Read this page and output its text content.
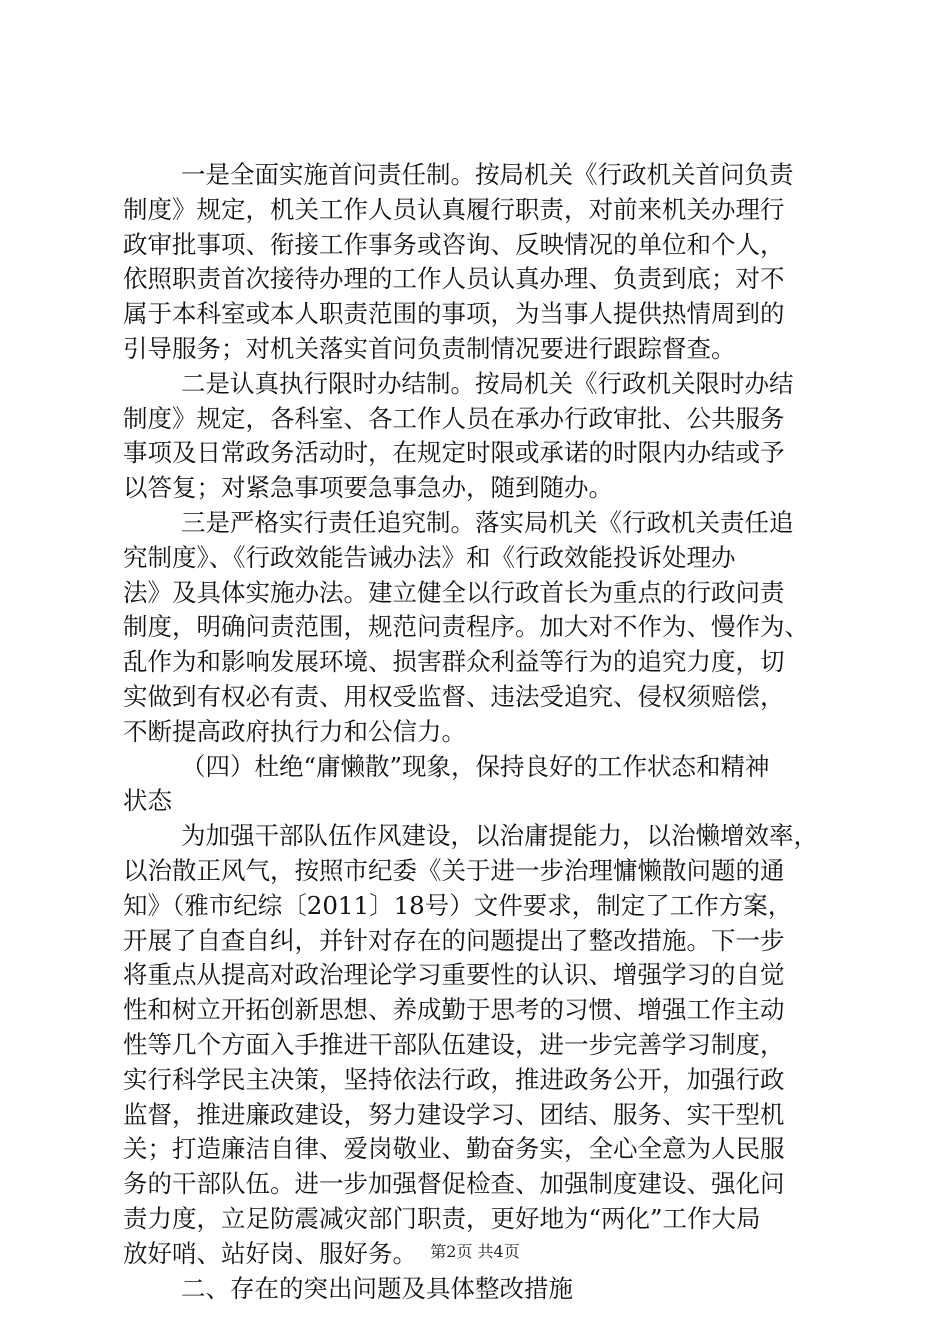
一是全面实施首问责任制。按局机关《行政机关首问负责
制度》规定，机关工作人员认真履行职责，对前来机关办理行
政审批事项、衔接工作事务或咨询、反映情况的单位和个人，
依照职责首次接待办理的工作人员认真办理、负责到底；对不
属于本科室或本人职责范围的事项，为当事人提供热情周到的
引导服务；对机关落实首问负责制情况要进行跟踪督查。
二是认真执行限时办结制。按局机关《行政机关限时办结
制度》规定，各科室、各工作人员在承办行政审批、公共服务
事项及日常政务活动时，在规定时限或承诺的时限内办结或予
以答复；对紧急事项要急事急办，随到随办。
三是严格实行责任追究制。落实局机关《行政机关责任追
究制度》、《行政效能告诫办法》和《行政效能投诉处理办
法》及具体实施办法。建立健全以行政首长为重点的行政问责
制度，明确问责范围，规范问责程序。加大对不作为、慢作为、
乱作为和影响发展环境、损害群众利益等行为的追究力度，切
实做到有权必有责、用权受监督、违法受追究、侵权须赔偿，
不断提高政府执行力和公信力。
（四）杜绝“庸懒散”现象，保持良好的工作状态和精神
状态
为加强干部队伍作风建设，以治庸提能力，以治懒增效率，
以治散正风气，按照市纪委《关于进一步治理慵懒散问题的通
知》（雅市纪综〔2011〕18号）文件要求，制定了工作方案，
开展了自查自纠，并针对存在的问题提出了整改措施。下一步
将重点从提高对政治理论学习重要性的认识、增强学习的自觉
性和树立开拓创新思想、养成勤于思考的习惯、增强工作主动
性等几个方面入手推进干部队伍建设，进一步完善学习制度，
实行科学民主决策，坚持依法行政，推进政务公开，加强行政
监督，推进廉政建设，努力建设学习、团结、服务、实干型机
关；打造廉洁自律、爱岗敬业、勤奋务实，全心全意为人民服
务的干部队伍。进一步加强督促检查、加强制度建设、强化问
责力度，立足防震减灾部门职责，更好地为“两化”工作大局
放好哨、站好岗、服好务。
二、存在的突出问题及具体整改措施
第2页 共4页
